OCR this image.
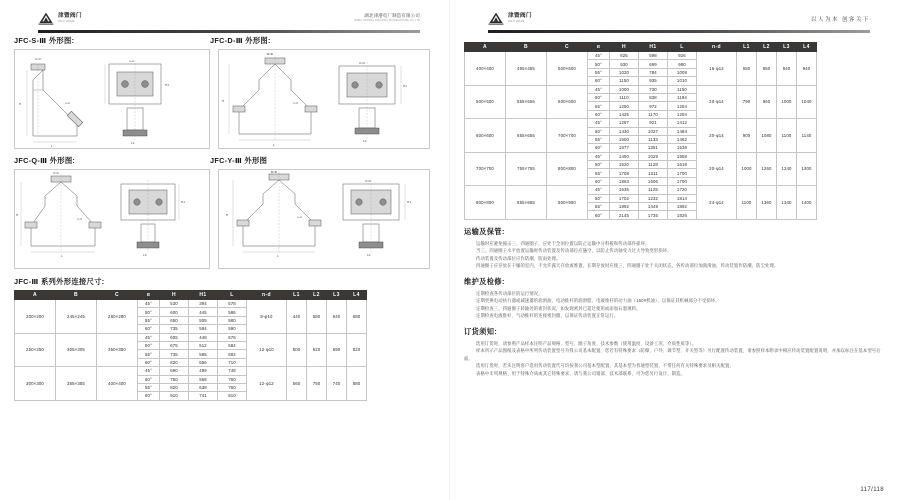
津暨阀门
JINJI VALVE
湖北津港电厂制造有限公司
HUBEI JINJIANG ELECTRIC MANUFACTURE CO.,LTD
JFC-S-Ⅲ 外形图:	JFC-D-Ⅲ 外形图:
H
C×C
n-d
L
H1
n-d
L1
H
B×B
n-d
L
H1
C×C
L2
JFC-Q-Ⅲ 外形图:	JFC-Y-Ⅲ 外形图
H
C×C
n-d
L
H1
L3
H
B×B
n-d
L
H1
C×C
L4
JFC-Ⅲ 系列外形连接尺寸:
A	B	C	α	H	H1	L	n-d	L1	L2	L3	L4
200×200	245×245	280×280	45°	530	394	578	8-φ10	440	580	640	680
			50°	600	445	586					
			55°	650	505	580					
			60°	735	594	590					
250×250	305×305	350×350	45°	605	448	676	12-φ10	500	620	690	820
			50°	675	512	684					
			55°	735	585	692					
			60°	820	656	710					
300×300	355×355	400×400	45°	690	499	748	12-φ12	560	750	740	880
			50°	750	568	760					
			55°	820	638	760					
			60°	910	741	810					
津暨阀门
JINJI VALVE	以人为本 创客关下
A	B	C	α	H	H1	L	n-d	L1	L2	L3	L4
400×400	455×455	500×500	45°	825	598	926	16-φ12	650	850	840	940
			50°	930	699	980					
			55°	1020	784	1008					
			60°	1150	935	1010					
500×500	555×555	600×600	45°	1000	730	1150	20-φ14	790	960	1000	1040
			50°	1110	838	1194					
			55°	1250	972	1264					
			60°	1425	1170	1294					
600×600	655×655	700×700	45°	1297	921	1412	20-φ14	900	1080	1100	1140
			50°	1430	1027	1484					
			55°	1500	1133	1462					
			60°	1677	1351	1536					
700×700	755×755	800×800	45°	1450	1029	1558	20-φ14	1000	1260	1240	1300
			50°	1520	1128	1618					
			55°	1708	1311	1700					
			60°	1863	1506	1700					
800×800	855×855	900×900	45°	1635	1125	1720	24-φ14	1100	1360	1340	1400
			50°	1702	1232	1814					
			55°	1892	1449	1892					
			60°	2145	1735	1826					
运输及保管:
运输时应避免撞击三、四通圈子，应处于全闭位置以防止运输中分料板和传动部件损坏。
当三、四通圈子水平放置运输时传动装置及传动部位应悬空，以防止传动轴受力过大导致变形损坏。
传动装置及传动部位应作防潮、防雨处理。
四通圈子应存放在干燥的室内，不允许露天存放或堆置，长期存放时应使三、四通圈子处于关闭状态，各传动部位加润滑油，传动装置作防潮、防尘处理。
维护及检修:
定期检查各传动部位的运行情况。
定期更换电动执行器或减速器的润滑油、电动推杆的润滑脂、电液推杆的动力油（150#机油），以保证其机械部分不受损坏。
定期检查三、四通圈子转轴处的密封状况，如发现密封已超过使用或添加石墨填料。
定期检查电液推杆、气动推杆的连接密封圈，以保证传动装置正常运行。
订货须知:
选用订货时，请参照产品样本注明产品规格、型号、圈子角度、技术参数（使用温度、设备工况、介质性质等）。
样本所示产品图纸及表格中所列传动装置型号为我公司基本配置，您若有特殊要求（防爆、户外、调节型、开关型等）另行配置传动装置，请参照样本附录中相应传动装置配置说明，并加以标注在基本型号后面。
选用订货时，若未注明客户选用传动装置代号均按我公司基本型配置，其基本型为普通型装置，不带任何有关特殊要求及相关配置。
表格中未列规格、用于特殊介质或其它特殊要求，请与我公司销部、技术部联系，可为您另行设计、制造。
117/118
